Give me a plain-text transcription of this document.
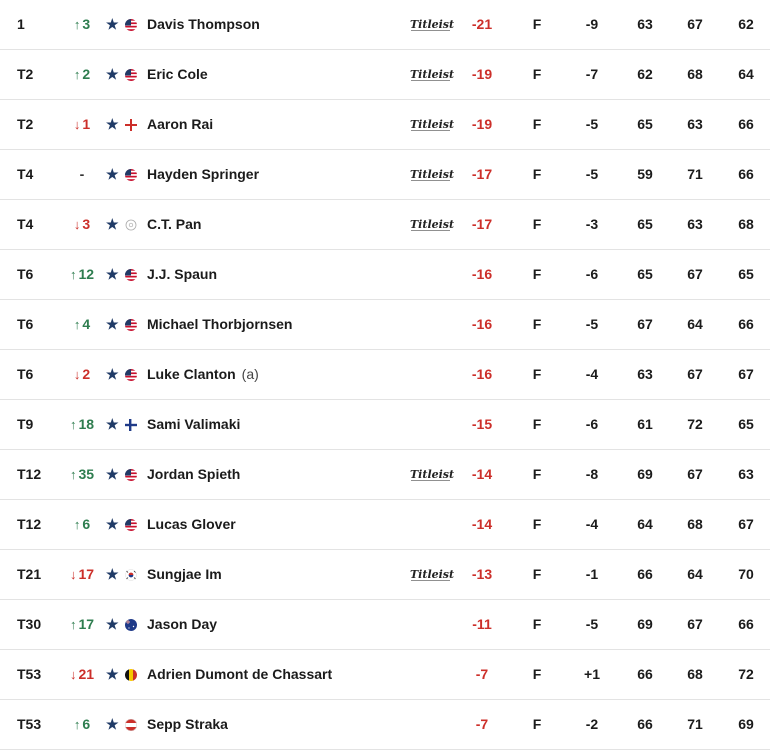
1	↑ 3	★ Davis Thompson	Titleist	-21	F	-9	63	67	62
T2	↑ 2	★ Eric Cole	Titleist	-19	F	-7	62	68	64
T2	↓ 1	★ Aaron Rai	Titleist	-19	F	-5	65	63	66
T4	-	★ Hayden Springer	Titleist	-17	F	-5	59	71	66
T4	↓ 3	★ C.T. Pan	Titleist	-17	F	-3	65	63	68
T6	↑ 12 ★ J.J. Spaun	-16	F	-6	65	67	65
T6	↑ 4	★ Michael Thorbjornsen	-16	F	-5	67	64	66
T6	↓ 2	★ Luke Clanton (a)	-16	F	-4	63	67	67
T9	↑ 18 ★ Sami Valimaki	-15	F	-6	61	72	65
T12	↑ 35 ★ Jordan Spieth	Titleist	-14	F	-8	69	67	63
T12	↑ 6	★ Lucas Glover	-14	F	-4	64	68	67
T21	↓ 17 ★ Sungjae Im	Titleist	-13	F	-1	66	64	70
T30	↑ 17 ★ Jason Day	-11	F	-5	69	67	66
T53	↓ 21 ★ Adrien Dumont de Chassart	-7	F	+1	66	68	72
T53	↑ 6	★ Sepp Straka	-7	F	-2	66	71	69
